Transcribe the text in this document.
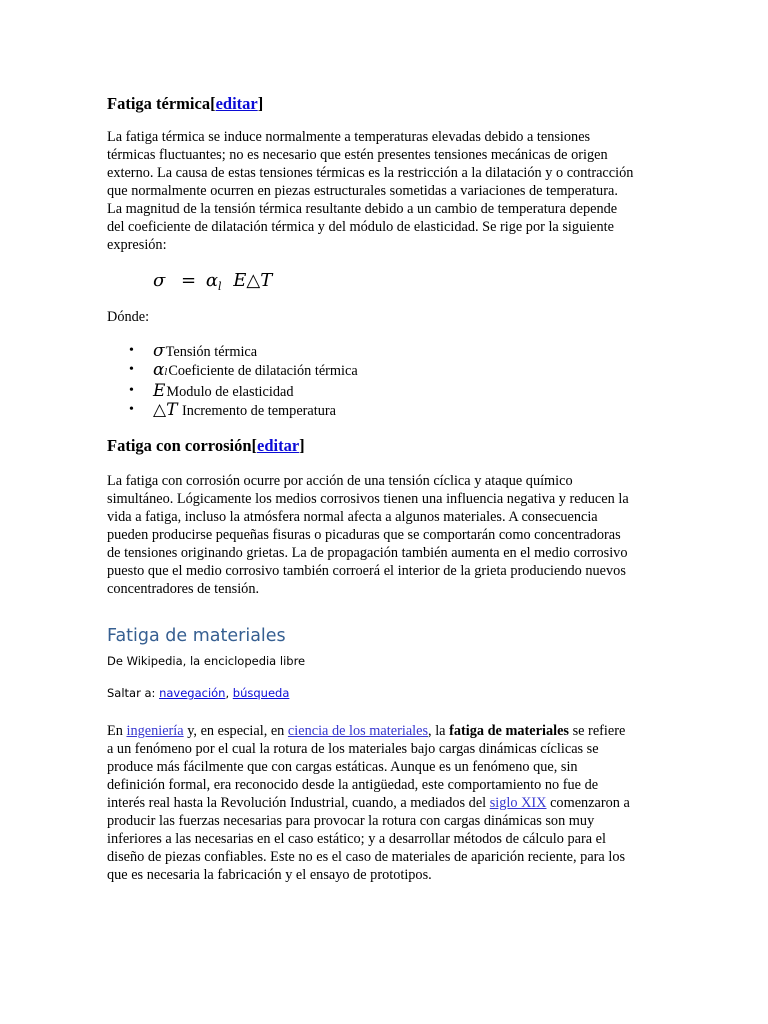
Fatiga térmica[editar]
La fatiga térmica se induce normalmente a temperaturas elevadas debido a tensiones
térmicas fluctuantes; no es necesario que estén presentes tensiones mecánicas de origen
externo. La causa de estas tensiones térmicas es la restricción a la dilatación y o contracción
que normalmente ocurren en piezas estructurales sometidas a variaciones de temperatura.
La magnitud de la tensión térmica resultante debido a un cambio de temperatura depende
del coeficiente de dilatación térmica y del módulo de elasticidad. Se rige por la siguiente
expresión:
$\sigma = \alpha_l$ E△T
Dónde:
• σTensión térmica
• αlCoeficiente de dilatación térmica
• EModulo de elasticidad
• △T Incremento de temperatura
Fatiga con corrosión[editar]
La fatiga con corrosión ocurre por acción de una tensión cíclica y ataque químico
simultáneo. Lógicamente los medios corrosivos tienen una influencia negativa y reducen la
vida a fatiga, incluso la atmósfera normal afecta a algunos materiales. A consecuencia
pueden producirse pequeñas fisuras o picaduras que se comportarán como concentradoras
de tensiones originando grietas. La de propagación también aumenta en el medio corrosivo
puesto que el medio corrosivo también corroerá el interior de la grieta produciendo nuevos
concentradores de tensión.
Fatiga de materiales
De Wikipedia, la enciclopedia libre
Saltar a: navegación, búsqueda
En ingeniería y, en especial, en ciencia de los materiales, la fatiga de materiales se refiere
a un fenómeno por el cual la rotura de los materiales bajo cargas dinámicas cíclicas se
produce más fácilmente que con cargas estáticas. Aunque es un fenómeno que, sin
definición formal, era reconocido desde la antigüedad, este comportamiento no fue de
interés real hasta la Revolución Industrial, cuando, a mediados del siglo XIX comenzaron a
producir las fuerzas necesarias para provocar la rotura con cargas dinámicas son muy
inferiores a las necesarias en el caso estático; y a desarrollar métodos de cálculo para el
diseño de piezas confiables. Este no es el caso de materiales de aparición reciente, para los
que es necesaria la fabricación y el ensayo de prototipos.
